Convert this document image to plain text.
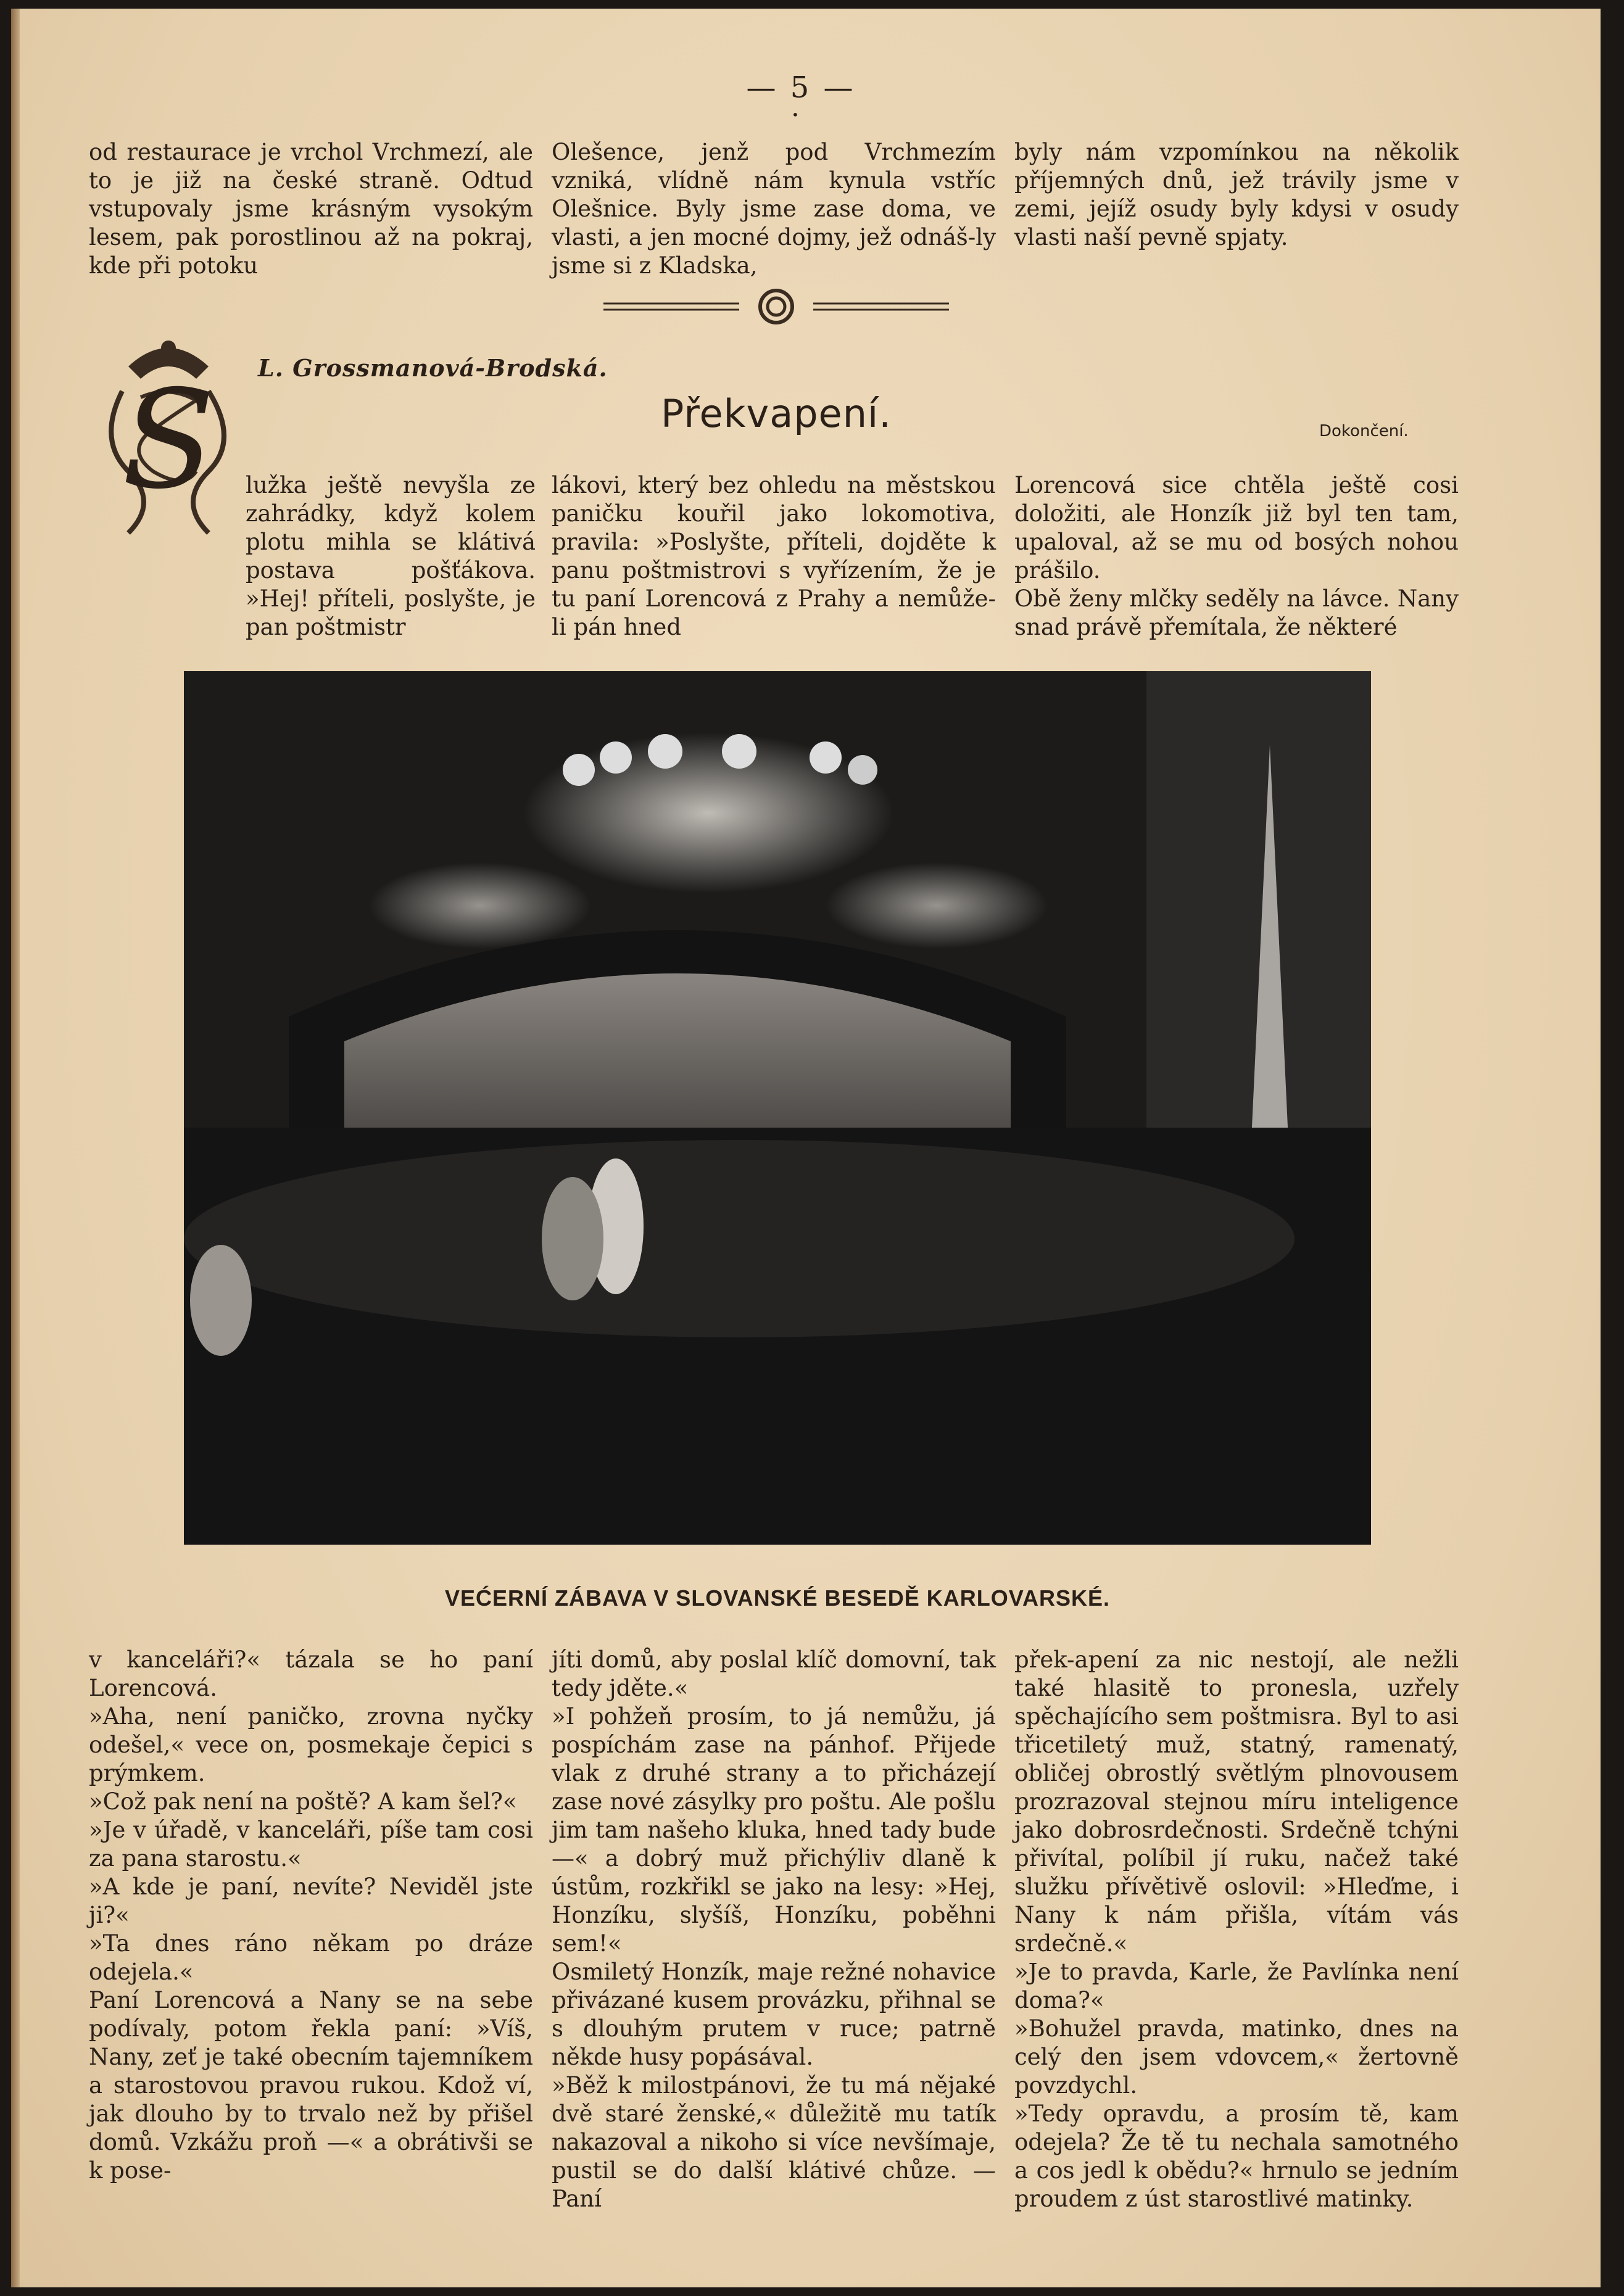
— 5 —
•
od restaurace je vrchol Vrchmezí, ale to je již na české straně. Odtud vstupovaly jsme krásným vysokým lesem, pak porostlinou až na pokraj, kde při potoku
Olešence, jenž pod Vrchmezím vzniká, vlídně nám kynula vstříc Olešnice. Byly jsme zase doma, ve vlasti, a jen mocné dojmy, jež odnáš-ly jsme si z Kladska,
byly nám vzpomínkou na několik příjemných dnů, jež trávily jsme v zemi, jejíž osudy byly kdysi v osudy vlasti naší pevně spjaty.
S L. Grossmanová-Brodská.
Překvapení.	Dokončení.
lužka ještě nevyšla ze zahrádky, když kolem plotu mihla se klátivá postava pošťákova. »Hej! příteli, poslyšte, je pan poštmistr
lákovi, který bez ohledu na městskou paničku kouřil jako lokomotiva, pravila: »Poslyšte, příteli, dojděte k panu poštmistrovi s vyřízením, že je tu paní Lorencová z Prahy a nemůže-li pán hned
Lorencová sice chtěla ještě cosi doložiti, ale Honzík již byl ten tam, upaloval, až se mu od bosých nohou prášilo.
Obě ženy mlčky seděly na lávce. Nany snad právě přemítala, že některé
VEĆERNÍ ZÁBAVA V SLOVANSKÉ BESEDĚ KARLOVARSKÉ.
v kanceláři?« tázala se ho paní Lorencová.
»Aha, není paničko, zrovna nyčky odešel,« vece on, posmekaje čepici s prýmkem.
»Což pak není na poště? A kam šel?«
»Je v úřadě, v kanceláři, píše tam cosi za pana starostu.«
»A kde je paní, nevíte? Neviděl jste ji?«
»Ta dnes ráno někam po dráze odejela.«
Paní Lorencová a Nany se na sebe podívaly, potom řekla paní: »Víš, Nany, zeť je také obecním tajemníkem a starostovou pravou rukou. Kdož ví, jak dlouho by to trvalo než by přišel domů. Vzkážu proň —« a obrátivši se k pose-
jíti domů, aby poslal klíč domovní, tak tedy jděte.«
»I pohžeň prosím, to já nemůžu, já pospíchám zase na pánhof. Přijede vlak z druhé strany a to přicházejí zase nové zásylky pro poštu. Ale pošlu jim tam našeho kluka, hned tady bude —« a dobrý muž přichýliv dlaně k ústům, rozkřikl se jako na lesy: »Hej, Honzíku, slyšíš, Honzíku, poběhni sem!«
Osmiletý Honzík, maje režné nohavice přivázané kusem provázku, přihnal se s dlouhým prutem v ruce; patrně někde husy popásával.
»Běž k milostpánovi, že tu má nějaké dvě staré ženské,« důležitě mu tatík nakazoval a nikoho si více nevšímaje, pustil se do další klátivé chůze. — Paní
přek-apení za nic nestojí, ale nežli také hlasitě to pronesla, uzřely spěchajícího sem poštmisra. Byl to asi třicetiletý muž, statný, ramenatý, obličej obrostlý světlým plnovousem prozrazoval stejnou míru inteligence jako dobrosrdečnosti. Srdečně tchýni přivítal, políbil jí ruku, načež také služku přívětivě oslovil: »Hleďme, i Nany k nám přišla, vítám vás srdečně.«
»Je to pravda, Karle, že Pavlínka není doma?«
»Bohužel pravda, matinko, dnes na celý den jsem vdovcem,« žertovně povzdychl.
»Tedy opravdu, a prosím tě, kam odejela? Že tě tu nechala samotného a cos jedl k obědu?« hrnulo se jedním proudem z úst starostlivé matinky.
